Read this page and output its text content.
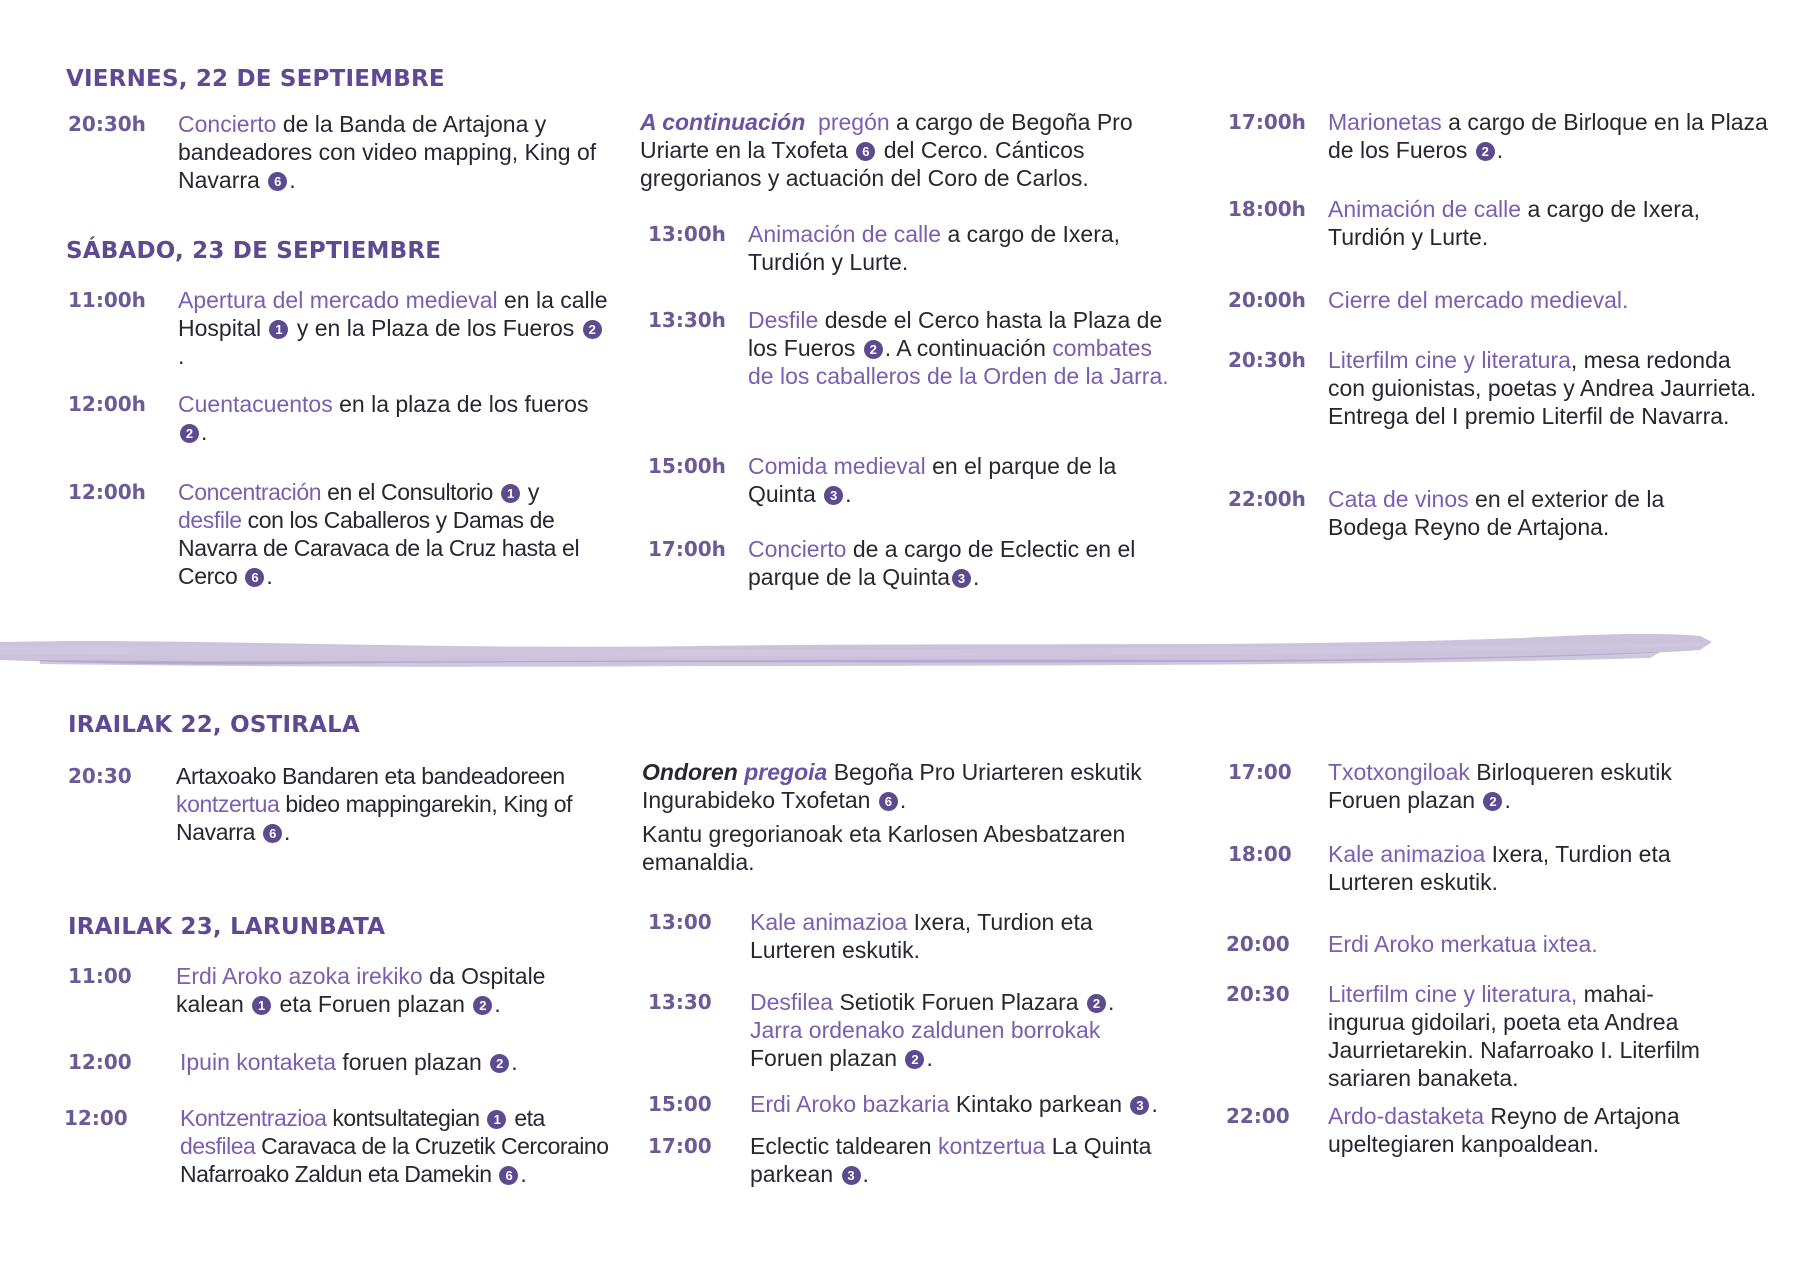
VIERNES, 22 DE SEPTIEMBRE
20:30h Concierto de la Banda de Artajona y bandeadores con video mapping, King of Navarra 6 .
SÁBADO, 23 DE SEPTIEMBRE
11:00h Apertura del mercado medieval en la calle Hospital 1 y en la Plaza de los Fueros 2.
12:00h Cuentacuentos en la plaza de los fueros 2 .
12:00h Concentración en el Consultorio 1 y desfile con los Caballeros y Damas de Navarra de Caravaca de la Cruz hasta el Cerco 6 .
A continuación pregón a cargo de Begoña Pro Uriarte en la Txofeta 6 del Cerco. Cánticos gregorianos y actuación del Coro de Carlos.
13:00h Animación de calle a cargo de Ixera, Turdión y Lurte.
13:30h Desfile desde el Cerco hasta la Plaza de los Fueros 2 . A continuación combates de los caballeros de la Orden de la Jarra.
15:00h Comida medieval en el parque de la Quinta 3 .
17:00h Concierto de a cargo de Eclectic en el parque de la Quinta 3 .
17:00h Marionetas a cargo de Birloque en la Plaza de los Fueros 2 .
18:00h Animación de calle a cargo de Ixera, Turdión y Lurte.
20:00h Cierre del mercado medieval.
20:30h Literfilm cine y literatura, mesa redonda con guionistas, poetas y Andrea Jaurrieta. Entrega del I premio Literfil de Navarra.
22:00h Cata de vinos en el exterior de la Bodega Reyno de Artajona.
IRAILAK 22, OSTIRALA
20:30 Artaxoako Bandaren eta bandeadoreen kontzertua bideo mappingarekin, King of Navarra 6 .
IRAILAK 23, LARUNBATA
11:00 Erdi Aroko azoka irekiko da Ospitale kalean 1 eta Foruen plazan 2 .
12:00 Ipuin kontaketa foruen plazan 2 .
12:00 Kontzentrazioa kontsultategian 1 eta desfilea Caravaca de la Cruzetik Cercoraino Nafarroako Zaldun eta Damekin 6 .
Ondoren pregoia Begoña Pro Uriarteren eskutik Ingurabideko Txofetan 6 .
Kantu gregorianoak eta Karlosen Abesbatzaren emanaldia.
13:00 Kale animazioa Ixera, Turdion eta Lurteren eskutik.
13:30 Desfilea Setiotik Foruen Plazara 2 .
Jarra ordenako zaldunen borrokak
Foruen plazan 2 .
15:00 Erdi Aroko bazkaria Kintako parkean 3 .
17:00 Eclectic taldearen kontzertua La Quinta parkean 3 .
17:00 Txotxongiloak Birloqueren eskutik Foruen plazan 2 .
18:00 Kale animazioa Ixera, Turdion eta Lurteren eskutik.
20:00 Erdi Aroko merkatua ixtea.
20:30 Literfilm cine y literatura, mahai-ingurua gidoilari, poeta eta Andrea Jaurrietarekin. Nafarroako I. Literfilm sariaren banaketa.
22:00 Ardo-dastaketa Reyno de Artajona upeltegiaren kanpoaldean.
